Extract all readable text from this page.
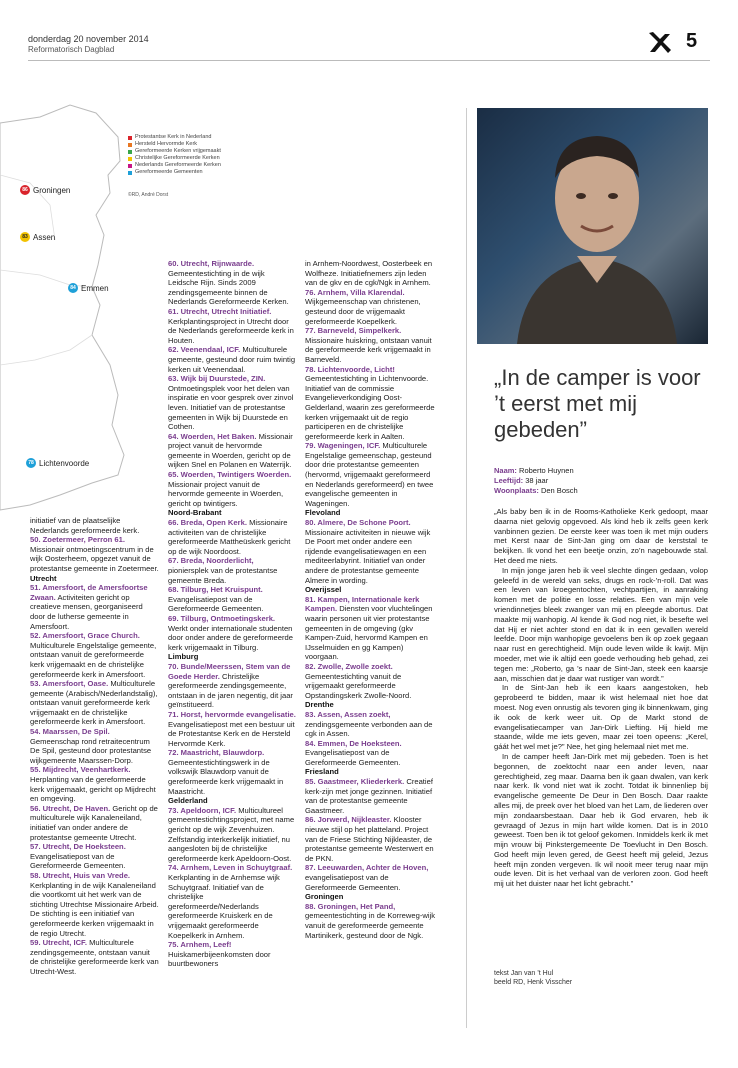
donderdag 20 november 2014
Reformatorisch Dagblad	5
Protestantse Kerk in Nederland
Hersteld Hervormde Kerk
Gereformeerde Kerken vrijgemaakt
Christelijke Gereformeerde Kerken
Nederlands Gereformeerde Kerken
Gereformeerde Gemeenten
©RD, André Dorst
86 Groningen
83 Assen
84 Emmen
78 Lichtenvoorde

initiatief van de plaatselijke Nederlands gereformeerde kerk.

50. Zoetermeer, Perron 61. Missionair ontmoetingscentrum in de wijk Oosterheem, opgezet vanuit de protestantse gemeente in Zoetermeer.

Utrecht

51. Amersfoort, de Amersfoortse Zwaan. Activiteiten gericht op creatieve mensen, georganiseerd door de lutherse gemeente in Amersfoort.

52. Amersfoort, Grace Church. Multiculturele Engelstalige gemeente, ontstaan vanuit de gereformeerde kerk vrijgemaakt en de christelijke gereformeerde kerk in Amersfoort.

53. Amersfoort, Oase. Multiculturele gemeente (Arabisch/Nederlandstalig), ontstaan vanuit gereformeerde kerk vrijgemaakt en de christelijke gereformeerde kerk in Amersfoort.

54. Maarssen, De Spil. Gemeenschap rond retraitecentrum De Spil, gesteund door protestantse wijkgemeente Maarssen-Dorp.

55. Mijdrecht, Veenhartkerk. Herplanting van de gereformeerde kerk vrijgemaakt, gericht op Mijdrecht en omgeving.

56. Utrecht, De Haven. Gericht op de multiculturele wijk Kanaleneiland, initiatief van onder andere de protestantse gemeente Utrecht.

57. Utrecht, De Hoeksteen. Evangelisatiepost van de Gereformeerde Gemeenten.

58. Utrecht, Huis van Vrede. Kerkplanting in de wijk Kanaleneiland die voortkomt uit het werk van de stichting Utrechtse Missionaire Arbeid. De stichting is een initiatief van gereformeerde kerken vrijgemaakt in de regio Utrecht.

59. Utrecht, ICF. Multiculturele zendingsgemeente, ontstaan vanuit de christelijke gereformeerde kerk van Utrecht-West.

60. Utrecht, Rijnwaarde. Gemeentestichting in de wijk Leidsche Rijn. Sinds 2009 zendingsgemeente binnen de Nederlands Gereformeerde Kerken.

61. Utrecht, Utrecht Initiatief. Kerkplantingsproject in Utrecht door de Nederlands gereformeerde kerk in Houten.

62. Veenendaal, ICF. Multiculturele gemeente, gesteund door ruim twintig kerken uit Veenendaal.

63. Wijk bij Duurstede, ZIN. Ontmoetingsplek voor het delen van inspiratie en voor gesprek over zinvol leven. Initiatief van de protestantse gemeenten in Wijk bij Duurstede en Cothen.

64. Woerden, Het Baken. Missionair project vanuit de hervormde gemeente in Woerden, gericht op de wijken Snel en Polanen en Waterrijk.

65. Woerden, Twintigers Woerden. Missionair project vanuit de hervormde gemeente in Woerden, gericht op twintigers.

Noord-Brabant

66. Breda, Open Kerk. Missionaire activiteiten van de christelijke gereformeerde Mattheüskerk gericht op de wijk Noordoost.

67. Breda, Noorderlicht, pioniersplek van de protestantse gemeente Breda.

68. Tilburg, Het Kruispunt. Evangelisatiepost van de Gereformeerde Gemeenten.

69. Tilburg, Ontmoetingskerk. Werkt onder internationale studenten door onder andere de gereformeerde kerk vrijgemaakt in Tilburg.

Limburg

70. Bunde/Meerssen, Stem van de Goede Herder. Christelijke gereformeerde zendingsgemeente, ontstaan in de jaren negentig, dit jaar geïnstitueerd.

71. Horst, hervormde evangelisatie. Evangelisatiepost met een bestuur uit de Protestantse Kerk en de Hersteld Hervormde Kerk.

72. Maastricht, Blauwdorp. Gemeentestichtingswerk in de volkswijk Blauwdorp vanuit de gereformeerde kerk vrijgemaakt in Maastricht.

Gelderland

73. Apeldoorn, ICF. Multicultureel gemeentestichtingsproject, met name gericht op de wijk Zevenhuizen. Zelfstandig interkerkelijk initiatief, nu aangesloten bij de christelijke gereformeerde kerk Apeldoorn-Oost.

74. Arnhem, Leven in Schuytgraaf. Kerkplanting in de Arnhemse wijk Schuytgraaf. Initiatief van de christelijke gereformeerde/Nederlands gereformeerde Kruiskerk en de vrijgemaakt gereformeerde Koepelkerk in Arnhem.

75. Arnhem, Leef! Huiskamerbijeenkomsten door buurtbewoners

in Arnhem-Noordwest, Oosterbeek en Wolfheze. Initiatiefnemers zijn leden van de gkv en de cgk/Ngk in Arnhem.

76. Arnhem, Villa Klarendal. Wijkgemeenschap van christenen, gesteund door de vrijgemaakt gereformeerde Koepelkerk.

77. Barneveld, Simpelkerk. Missionaire huiskring, ontstaan vanuit de gereformeerde kerk vrijgemaakt in Barneveld.

78. Lichtenvoorde, Licht! Gemeentestichting in Lichtenvoorde. Initiatief van de commissie Evangelieverkondiging Oost-Gelderland, waarin zes gereformeerde kerken vrijgemaakt uit de regio participeren en de christelijke gereformeerde kerk in Aalten.

79. Wageningen, ICF. Multiculturele Engelstalige gemeenschap, gesteund door drie protestantse gemeenten (hervormd, vrijgemaakt gereformeerd en Nederlands gereformeerd) en twee evangelische gemeenten in Wageningen.

Flevoland

80. Almere, De Schone Poort. Missionaire activiteiten in nieuwe wijk De Poort met onder andere een rijdende evangelisatiewagen en een mediteerlabyrint. Initiatief van onder andere de protestantse gemeente Almere in wording.

Overijssel

81. Kampen, Internationale kerk Kampen. Diensten voor vluchtelingen waarin personen uit vier protestantse gemeenten in de omgeving (gkv Kampen-Zuid, hervormd Kampen en IJsselmuiden en gg Kampen) voorgaan.

82. Zwolle, Zwolle zoekt. Gemeentestichting vanuit de vrijgemaakt gereformeerde Opstandingskerk Zwolle-Noord.

Drenthe

83. Assen, Assen zoekt, zendingsgemeente verbonden aan de cgk in Assen.

84. Emmen, De Hoeksteen. Evangelisatiepost van de Gereformeerde Gemeenten.

Friesland

85. Gaastmeer, Kliederkerk. Creatief kerk-zijn met jonge gezinnen. Initiatief van de protestantse gemeente Gaastmeer.

86. Jorwerd, Nijkleaster. Klooster nieuwe stijl op het platteland. Project van de Friese Stichting Nijkleaster, de protestantse gemeente Westerwert en de PKN.

87. Leeuwarden, Achter de Hoven, evangelisatiepost van de Gereformeerde Gemeenten.

Groningen

88. Groningen, Het Pand, gemeentestichting in de Korreweg-wijk vanuit de gereformeerde gemeente Martinikerk, gesteund door de Ngk.

„In de camper is voor ’t eerst met mij gebeden”
Naam: Roberto Huynen
Leeftijd: 38 jaar
Woonplaats: Den Bosch

„Als baby ben ik in de Rooms-Katholieke Kerk gedoopt, maar daarna niet gelovig opgevoed. Als kind heb ik zelfs geen kerk vanbinnen gezien. De eerste keer was toen ik met mijn ouders met Kerst naar de Sint-Jan ging om daar de kerststal te bekijken. Ik vond het een beetje onzin, zo’n nagebouwde stal. Het deed me niets.

In mijn jonge jaren heb ik veel slechte dingen gedaan, volop geleefd in de wereld van seks, drugs en rock-’n-roll. Dat was een leven van kroegentochten, vechtpartijen, in aanraking komen met de politie en losse relaties. Een van mijn vele vriendinnetjes bleek zwanger van mij en pleegde abortus. Dat maakte mij wanhopig. Al kende ik God nog niet, ik besefte wel dat Hij er niet achter stond en dat ik in een gevallen wereld leefde. Door mijn wanhopige gevoelens ben ik op zoek gegaan naar rust en gerechtigheid. Mijn oude leven wilde ik kwijt. Mijn moeder, met wie ik altijd een goede verhouding heb gehad, zei tegen me: „Roberto, ga ’s naar de Sint-Jan, steek een kaarsje aan, misschien dat je daar wat rustiger van wordt.”

In de Sint-Jan heb ik een kaars aangestoken, heb geprobeerd te bidden, maar ik wist helemaal niet hoe dat moest. Nog even onrustig als tevoren ging ik binnenkwam, ging ik ook de kerk weer uit. Op de Markt stond de evangelisatiecamper van Jan-Dirk Liefting. Hij hield me staande, wilde me iets geven, maar zei toen opeens: „Kerel, gáát het wel met je?” Nee, het ging helemaal niet met me.

In de camper heeft Jan-Dirk met mij gebeden. Toen is het begonnen, de zoektocht naar een ander leven, naar gerechtigheid, zeg maar. Daarna ben ik gaan dwalen, van kerk naar kerk. Ik vond niet wat ik zocht. Totdat ik binnenliep bij evangelische gemeente De Deur in Den Bosch. Daar raakte alles mij, de preek over het bloed van het Lam, de liederen over mijn zondaarsbestaan. Daar heb ik God ervaren, heb ik gevraagd of Jezus in mijn hart wilde komen. Dat is in 2010 geweest. Toen ben ik tot geloof gekomen. Inmiddels kerk ik met mijn vrouw bij Pinkstergemeente De Toevlucht in Den Bosch. God heeft mijn leven gered, de Geest heeft mij geleid, Jezus heeft mijn zonden vergeven. Ik wil nooit meer terug naar mijn oude leven. Dit is het verhaal van de verloren zoon. God heeft mij uit het duister naar het licht gebracht.”

tekst Jan van ’t Hul
beeld RD, Henk Visscher
